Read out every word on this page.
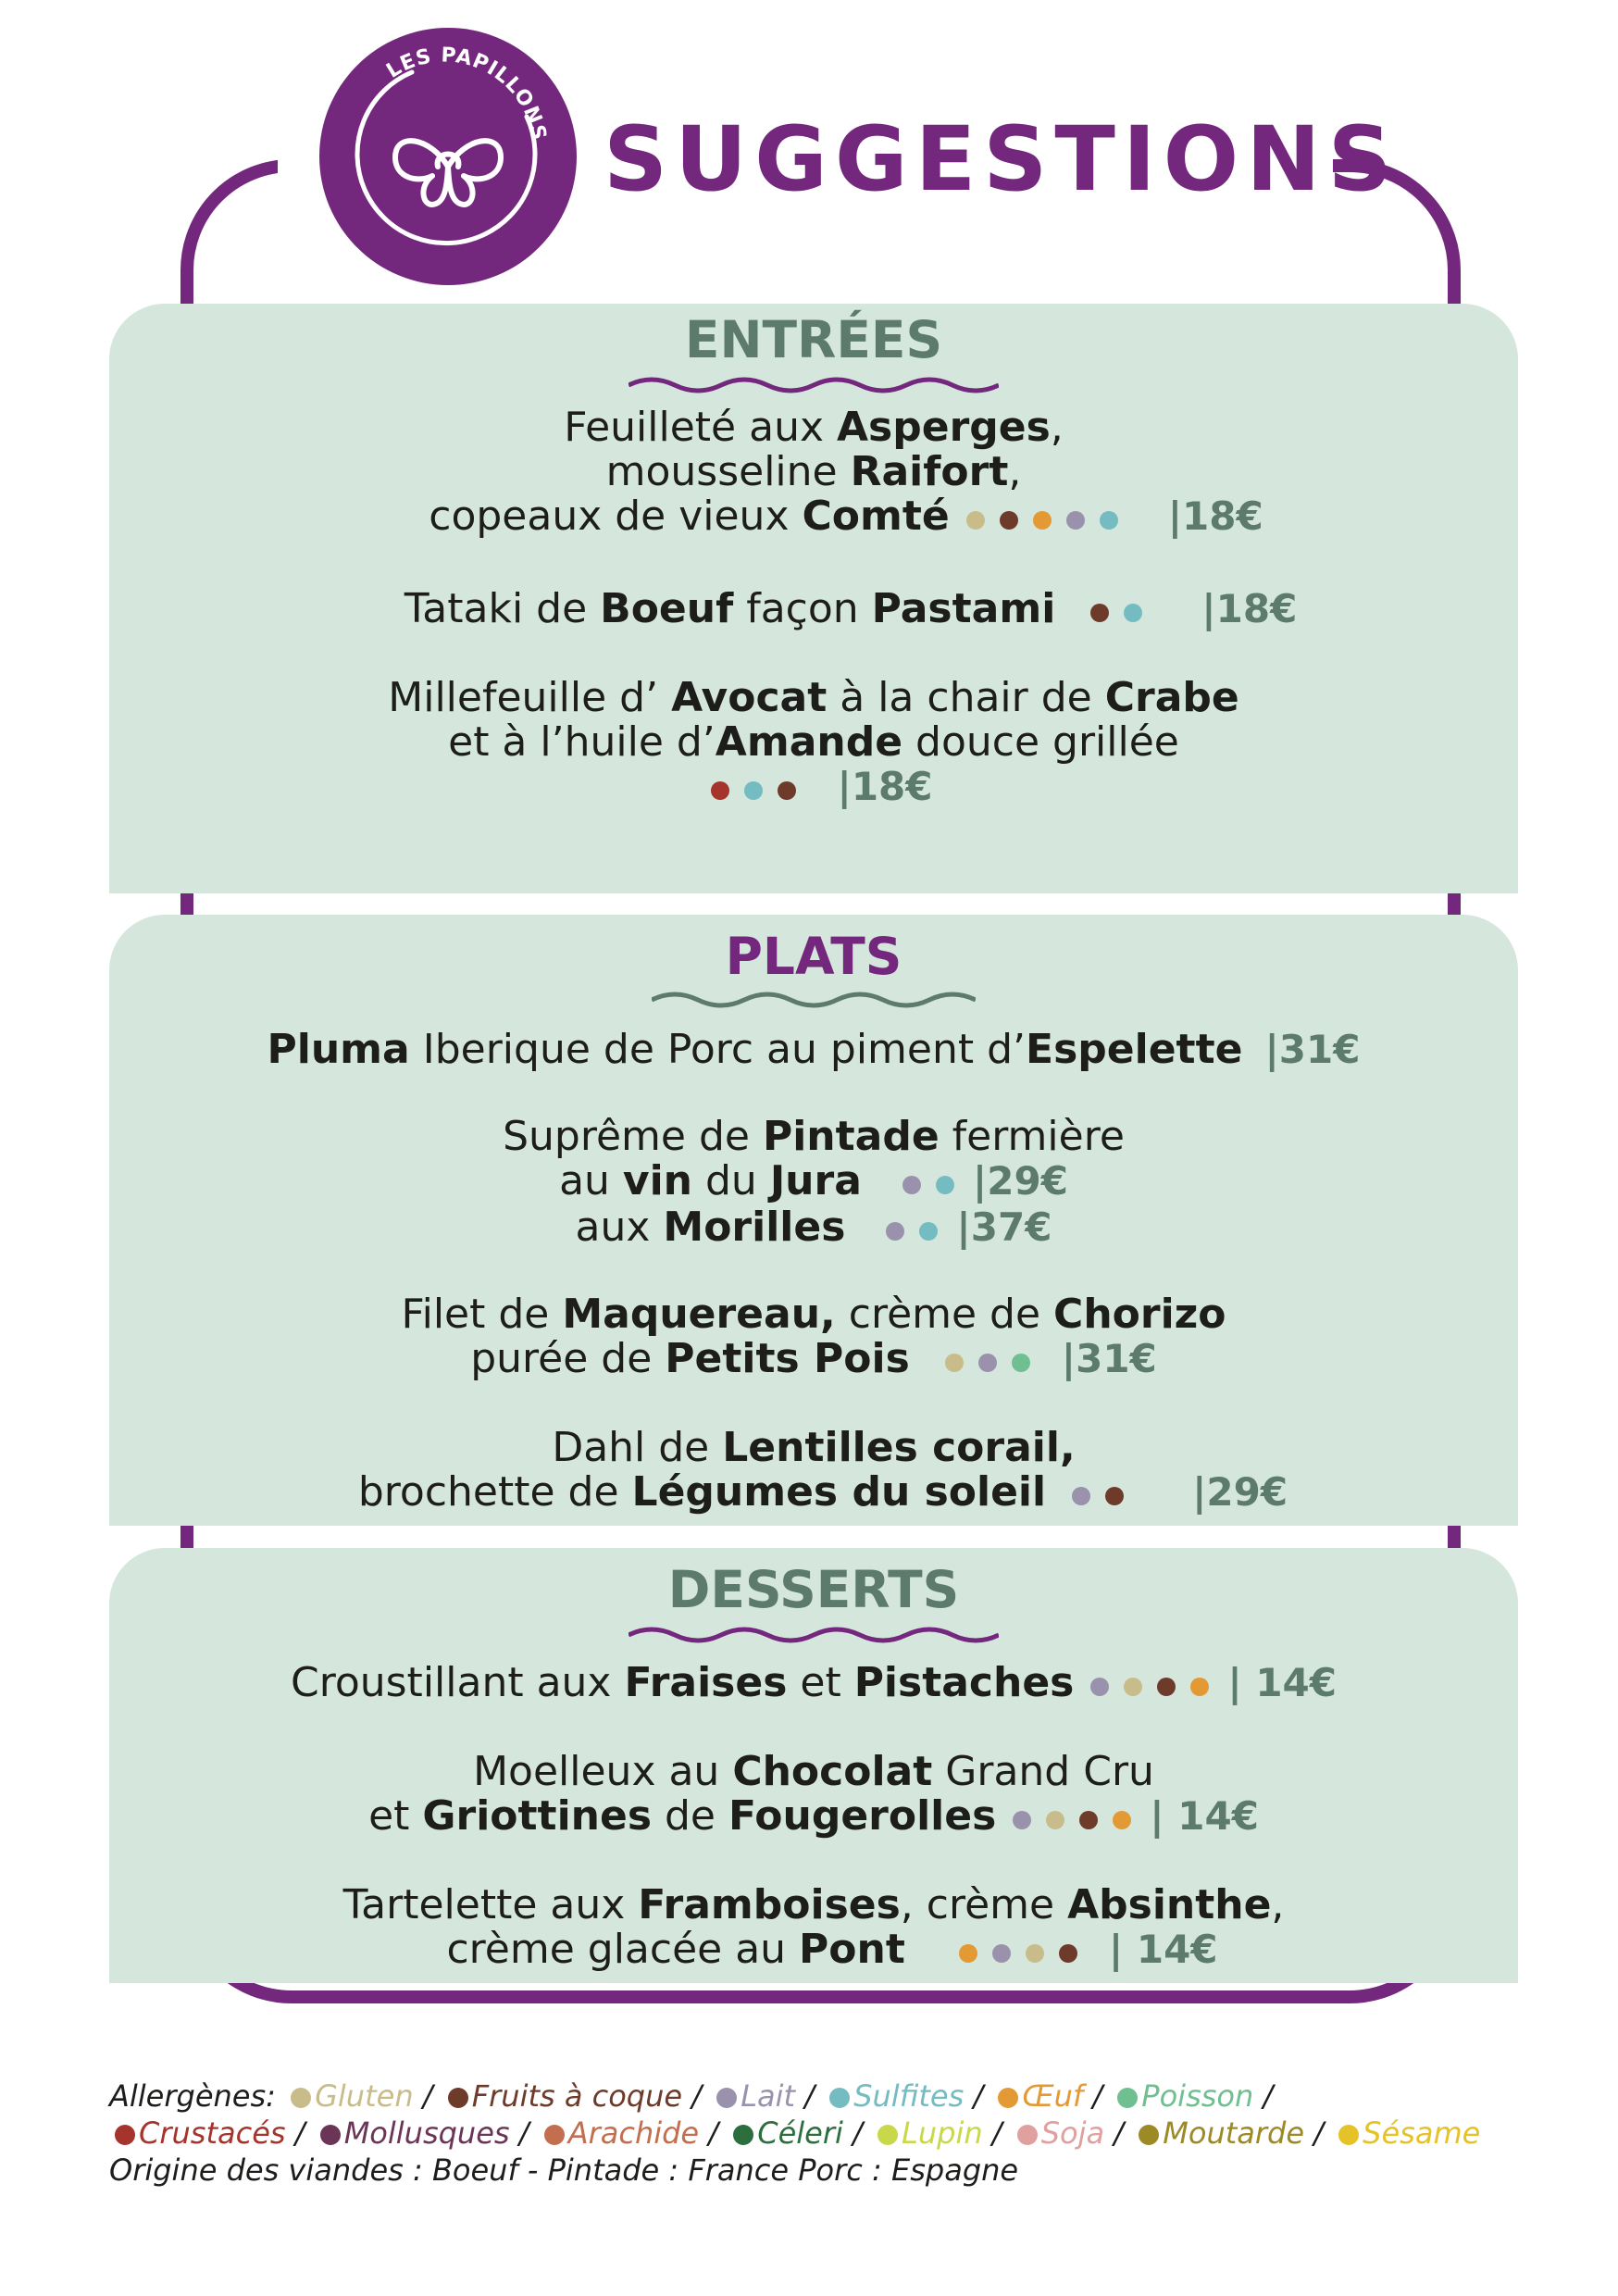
LES PAPILLONS SUGGESTIONS
ENTRÉES
Feuilleté aux Asperges,
mousseline Raifort,
copeaux de vieux Comté	|18€
Tataki de Boeuf façon Pastami	|18€
Millefeuille d’ Avocat à la chair de Crabe
et à l’huile d’Amande douce grillée
|18€
PLATS
Pluma Iberique de Porc au piment d’Espelette |31€
Suprême de Pintade fermière
au vin du Jura	|29€
aux Morilles	|37€
Filet de Maquereau, crème de Chorizo
purée de Petits Pois	|31€
Dahl de Lentilles corail,
brochette de Légumes du soleil	|29€
DESSERTS
Croustillant aux Fraises et Pistaches	| 14€
Moelleux au Chocolat Grand Cru
et Griottines de Fougerolles	| 14€
Tartelette aux Framboises, crème Absinthe,
crème glacée au Pont	| 14€
Allergènes: Gluten / Fruits à coque / Lait / Sulfites / Œuf / Poisson /
Crustacés / Mollusques / Arachide / Céleri / Lupin / Soja / Moutarde / Sésame
Origine des viandes : Boeuf - Pintade : France Porc : Espagne
